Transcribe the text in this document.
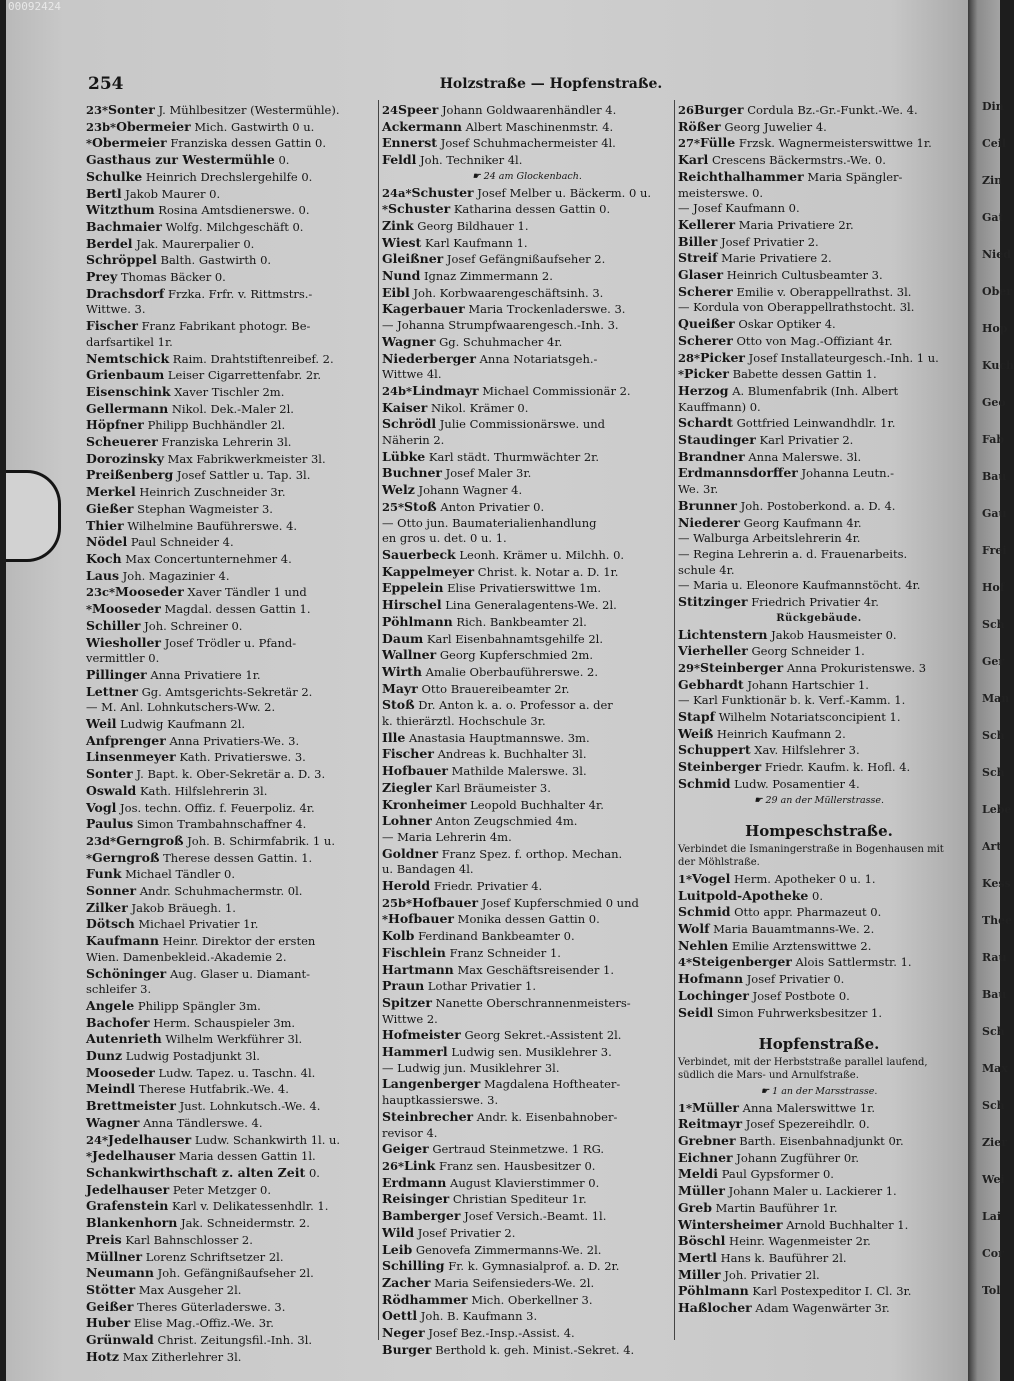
00092424
254	Holzstraße — Hopfenstraße.
23*Sonter J. Mühlbesitzer (Westermühle).
23b*Obermeier Mich. Gastwirth 0 u.
*Obermeier Franziska dessen Gattin 0.
Gasthaus zur Westermühle 0.
Schulke Heinrich Drechslergehilfe 0.
Bertl Jakob Maurer 0.
Witzthum Rosina Amtsdienerswe. 0.
Bachmaier Wolfg. Milchgeschäft 0.
Berdel Jak. Maurerpalier 0.
Schröppel Balth. Gastwirth 0.
Prey Thomas Bäcker 0.
Drachsdorf Frzka. Frfr. v. Rittmstrs.-
Wittwe. 3.
Fischer Franz Fabrikant photogr. Be-
darfsartikel 1r.
Nemtschick Raim. Drahtstiftenreibef. 2.
Grienbaum Leiser Cigarrettenfabr. 2r.
Eisenschink Xaver Tischler 2m.
Gellermann Nikol. Dek.-Maler 2l.
Höpfner Philipp Buchhändler 2l.
Scheuerer Franziska Lehrerin 3l.
Dorozinsky Max Fabrikwerkmeister 3l.
Preißenberg Josef Sattler u. Tap. 3l.
Merkel Heinrich Zuschneider 3r.
Gießer Stephan Wagmeister 3.
Thier Wilhelmine Bauführerswe. 4.
Nödel Paul Schneider 4.
Koch Max Concertunternehmer 4.
Laus Joh. Magazinier 4.
23c*Mooseder Xaver Tändler 1 und
*Mooseder Magdal. dessen Gattin 1.
Schiller Joh. Schreiner 0.
Wiesholler Josef Trödler u. Pfand-
vermittler 0.
Pillinger Anna Privatiere 1r.
Lettner Gg. Amtsgerichts-Sekretär 2.
— M. Anl. Lohnkutschers-Ww. 2.
Weil Ludwig Kaufmann 2l.
Anfprenger Anna Privatiers-We. 3.
Linsenmeyer Kath. Privatierswe. 3.
Sonter J. Bapt. k. Ober-Sekretär a. D. 3.
Oswald Kath. Hilfslehrerin 3l.
Vogl Jos. techn. Offiz. f. Feuerpoliz. 4r.
Paulus Simon Trambahnschaffner 4.
23d*Gerngroß Joh. B. Schirmfabrik. 1 u.
*Gerngroß Therese dessen Gattin. 1.
Funk Michael Tändler 0.
Sonner Andr. Schuhmachermstr. 0l.
Zilker Jakob Bräuegh. 1.
Dötsch Michael Privatier 1r.
Kaufmann Heinr. Direktor der ersten
Wien. Damenbekleid.-Akademie 2.
Schöninger Aug. Glaser u. Diamant-
schleifer 3.
Angele Philipp Spängler 3m.
Bachofer Herm. Schauspieler 3m.
Autenrieth Wilhelm Werkführer 3l.
Dunz Ludwig Postadjunkt 3l.
Mooseder Ludw. Tapez. u. Taschn. 4l.
Meindl Therese Hutfabrik.-We. 4.
Brettmeister Just. Lohnkutsch.-We. 4.
Wagner Anna Tändlerswe. 4.
24*Jedelhauser Ludw. Schankwirth 1l. u.
*Jedelhauser Maria dessen Gattin 1l.
Schankwirthschaft z. alten Zeit 0.
Jedelhauser Peter Metzger 0.
Grafenstein Karl v. Delikatessenhdlr. 1.
Blankenhorn Jak. Schneidermstr. 2.
Preis Karl Bahnschlosser 2.
Müllner Lorenz Schriftsetzer 2l.
Neumann Joh. Gefängnißaufseher 2l.
Stötter Max Ausgeher 2l.
Geißer Theres Güterladerswe. 3.
Huber Elise Mag.-Offiz.-We. 3r.
Grünwald Christ. Zeitungsfil.-Inh. 3l.
Hotz Max Zitherlehrer 3l.
24Speer Johann Goldwaarenhändler 4.
Ackermann Albert Maschinenmstr. 4.
Ennerst Josef Schuhmachermeister 4l.
Feldl Joh. Techniker 4l.
☛ 24 am Glockenbach.
24a*Schuster Josef Melber u. Bäckerm. 0 u.
*Schuster Katharina dessen Gattin 0.
Zink Georg Bildhauer 1.
Wiest Karl Kaufmann 1.
Gleißner Josef Gefängnißaufseher 2.
Nund Ignaz Zimmermann 2.
Eibl Joh. Korbwaarengeschäftsinh. 3.
Kagerbauer Maria Trockenladerswe. 3.
— Johanna Strumpfwaarengesch.-Inh. 3.
Wagner Gg. Schuhmacher 4r.
Niederberger Anna Notariatsgeh.-
Wittwe 4l.
24b*Lindmayr Michael Commissionär 2.
Kaiser Nikol. Krämer 0.
Schrödl Julie Commissionärswe. und
Näherin 2.
Lübke Karl städt. Thurmwächter 2r.
Buchner Josef Maler 3r.
Welz Johann Wagner 4.
25*Stoß Anton Privatier 0.
— Otto jun. Baumaterialienhandlung
en gros u. det. 0 u. 1.
Sauerbeck Leonh. Krämer u. Milchh. 0.
Kappelmeyer Christ. k. Notar a. D. 1r.
Eppelein Elise Privatierswittwe 1m.
Hirschel Lina Generalagentens-We. 2l.
Pöhlmann Rich. Bankbeamter 2l.
Daum Karl Eisenbahnamtsgehilfe 2l.
Wallner Georg Kupferschmied 2m.
Wirth Amalie Oberbauführerswe. 2.
Mayr Otto Brauereibeamter 2r.
Stoß Dr. Anton k. a. o. Professor a. der
k. thierärztl. Hochschule 3r.
Ille Anastasia Hauptmannswe. 3m.
Fischer Andreas k. Buchhalter 3l.
Hofbauer Mathilde Malerswe. 3l.
Ziegler Karl Bräumeister 3.
Kronheimer Leopold Buchhalter 4r.
Lohner Anton Zeugschmied 4m.
— Maria Lehrerin 4m.
Goldner Franz Spez. f. orthop. Mechan.
u. Bandagen 4l.
Herold Friedr. Privatier 4.
25b*Hofbauer Josef Kupferschmied 0 und
*Hofbauer Monika dessen Gattin 0.
Kolb Ferdinand Bankbeamter 0.
Fischlein Franz Schneider 1.
Hartmann Max Geschäftsreisender 1.
Praun Lothar Privatier 1.
Spitzer Nanette Oberschrannenmeisters-
Wittwe 2.
Hofmeister Georg Sekret.-Assistent 2l.
Hammerl Ludwig sen. Musiklehrer 3.
— Ludwig jun. Musiklehrer 3l.
Langenberger Magdalena Hoftheater-
hauptkassierswe. 3.
Steinbrecher Andr. k. Eisenbahnober-
revisor 4.
Geiger Gertraud Steinmetzwe. 1 RG.
26*Link Franz sen. Hausbesitzer 0.
Erdmann August Klavierstimmer 0.
Reisinger Christian Spediteur 1r.
Bamberger Josef Versich.-Beamt. 1l.
Wild Josef Privatier 2.
Leib Genovefa Zimmermanns-We. 2l.
Schilling Fr. k. Gymnasialprof. a. D. 2r.
Zacher Maria Seifensieders-We. 2l.
Rödhammer Mich. Oberkellner 3.
Oettl Joh. B. Kaufmann 3.
Neger Josef Bez.-Insp.-Assist. 4.
Burger Berthold k. geh. Minist.-Sekret. 4.
26Burger Cordula Bz.-Gr.-Funkt.-We. 4.
Rößer Georg Juwelier 4.
27*Fülle Frzsk. Wagnermeisterswittwe 1r.
Karl Crescens Bäckermstrs.-We. 0.
Reichthalhammer Maria Spängler-
meisterswe. 0.
— Josef Kaufmann 0.
Kellerer Maria Privatiere 2r.
Biller Josef Privatier 2.
Streif Marie Privatiere 2.
Glaser Heinrich Cultusbeamter 3.
Scherer Emilie v. Oberappellrathst. 3l.
— Kordula von Oberappellrathstocht. 3l.
Queißer Oskar Optiker 4.
Scherer Otto von Mag.-Offiziant 4r.
28*Picker Josef Installateurgesch.-Inh. 1 u.
*Picker Babette dessen Gattin 1.
Herzog A. Blumenfabrik (Inh. Albert
Kauffmann) 0.
Schardt Gottfried Leinwandhdlr. 1r.
Staudinger Karl Privatier 2.
Brandner Anna Malerswe. 3l.
Erdmannsdorffer Johanna Leutn.-
We. 3r.
Brunner Joh. Postoberkond. a. D. 4.
Niederer Georg Kaufmann 4r.
— Walburga Arbeitslehrerin 4r.
— Regina Lehrerin a. d. Frauenarbeits.
schule 4r.
— Maria u. Eleonore Kaufmannstöcht. 4r.
Stitzinger Friedrich Privatier 4r.
Rückgebäude.
Lichtenstern Jakob Hausmeister 0.
Vierheller Georg Schneider 1.
29*Steinberger Anna Prokuristenswe. 3
Gebhardt Johann Hartschier 1.
— Karl Funktionär b. k. Verf.-Kamm. 1.
Stapf Wilhelm Notariatsconcipient 1.
Weiß Heinrich Kaufmann 2.
Schuppert Xav. Hilfslehrer 3.
Steinberger Friedr. Kaufm. k. Hofl. 4.
Schmid Ludw. Posamentier 4.
☛ 29 an der Müllerstrasse.
Hompeschstraße.
Verbindet die Ismaningerstraße in Bogenhausen mit der Möhlstraße.
1*Vogel Herm. Apotheker 0 u. 1.
Luitpold-Apotheke 0.
Schmid Otto appr. Pharmazeut 0.
Wolf Maria Bauamtmanns-We. 2.
Nehlen Emilie Arztenswittwe 2.
4*Steigenberger Alois Sattlermstr. 1.
Hofmann Josef Privatier 0.
Lochinger Josef Postbote 0.
Seidl Simon Fuhrwerksbesitzer 1.
Hopfenstraße.
Verbindet, mit der Herbststraße parallel laufend, südlich die Mars- und Arnulfstraße.
☛ 1 an der Marsstrasse.
1*Müller Anna Malerswittwe 1r.
Reitmayr Josef Spezereihdlr. 0.
Grebner Barth. Eisenbahnadjunkt 0r.
Eichner Johann Zugführer 0r.
Meldi Paul Gypsformer 0.
Müller Johann Maler u. Lackierer 1.
Greb Martin Bauführer 1r.
Wintersheimer Arnold Buchhalter 1.
Böschl Heinr. Wagenmeister 2r.
Mertl Hans k. Bauführer 2l.
Miller Joh. Privatier 2l.
Pöhlmann Karl Postexpeditor I. Cl. 3r.
Haßlocher Adam Wagenwärter 3r.
Din
Ceil
Zin
Gat
Nied
Ober
Hop
Kuch
Geo
Fab
Bau
Gau
Frei
Hof
Sch
Ger
Man
Sch
Sch
Lebe
Art
Kess
Thee
Rau
Bau
Sch
Max
Sch
Zier
Wei
Lai
Cor
Tol
